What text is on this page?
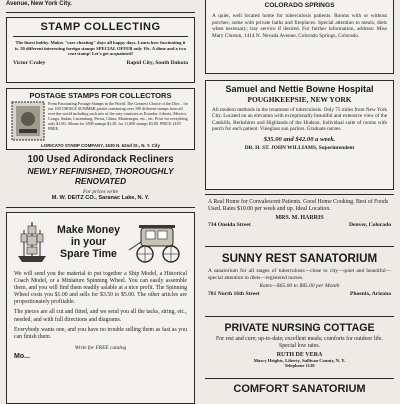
Avenue, New York City.
STAMP COLLECTING
The finest hobby. Makes "rare cheating" days all happy days. Learn how fascinating it is. 50 different interesting foreign stamps SPECIAL OFFER only 10c. A dime and a two cent stamp! Let's get acquainted!
Victor Craley	Rapid City, South Dakota
POSTAGE STAMPS FOR COLLECTORS
From Fascinating Postage Stamps in the World. The Greatest Choice of the Dire... for our 100 CHOICE SUMMER packet containing over 100 different stamps from all over the world including such sets of the way countries as Ecuador, Liberia, Mexico, Congo, Sudan, Luxemburg, Persia, China, Montenegro, etc., etc. Price for everything only $1.00. Album for 3500 stamps $1.20, for 11,000 stamps $3.00. PRICE LIST FREE.
LORICATO STAMP COMPANY, 1530 N. 62nd St., N. Y. City
100 Used Adirondack Recliners
NEWLY REFINISHED, THOROUGHLY RENOVATED
For prices write
M. W. DEITZ CO., Saranac Lake, N. Y.
Make Money
in your
Spare Time

We will send you the material to put together a Ship Model, a Historical Coach Model, or a Miniature Spinning Wheel. You can easily assemble them, and you will find them readily salable at a nice profit. The Spinning Wheel costs you $1.00 and sells for $3.50 to $5.00. The other articles are proportionately profitable.

The pieces are all cut and fitted, and we send you all the tacks, string, etc., needed, and with full directions and diagrams.

Everybody wants one, and you have no trouble selling them as fast as you can finish them.

Write for FREE catalog
Mo...
COLORADO SPRINGS
A quiet, well located home for tuberculosis patients. Rooms with or without porches; some with private baths and fireplaces. Special attention to meals; diets when necessary; tray service if desired. For further information, address: Miss Mary Cluston, 1414 N. Nevada Avenue, Colorado Springs, Colorado.
Samuel and Nettie Bowne Hospital
POUGHKEEPSIE, NEW YORK
All modern methods in the treatment of tuberculosis. Only 75 miles from New York City. Located on an elevation with exceptionally beautiful and extensive view of the Catskills, Berkshires and Highlands of the Hudson. Individual suite of rooms with porch for each patient. Vineglass sun parlors. Graduate nurses.
$35.00 and $42.00 a week.
DR. H. ST. JOHN WILLIAMS, Superintendent
A Real Home for Convalescent Patients. Good Home Cooking. Best of Foods Used. Rates $10.00 per week and up. Ideal Location.
MRS. M. HARRIS
734 Oneida Street	Denver, Colorado
SUNNY REST SANATORIUM
A sanatorium for all stages of tuberculosis—close to city—quiet and beautiful—special attention to diets—registered nurses.
Rates—$65.00 to $85.00 per Month
701 North 16th Street	Phoenix, Arizona
PRIVATE NURSING COTTAGE
For rest and cure; up-to-date; excellent meals; comforts for outdoor life. Special low rates.
RUTH DE VERA
Marcy Heights, Liberty, Sullivan County, N. Y.
Telephone 1120
COMFORT SANATORIUM
